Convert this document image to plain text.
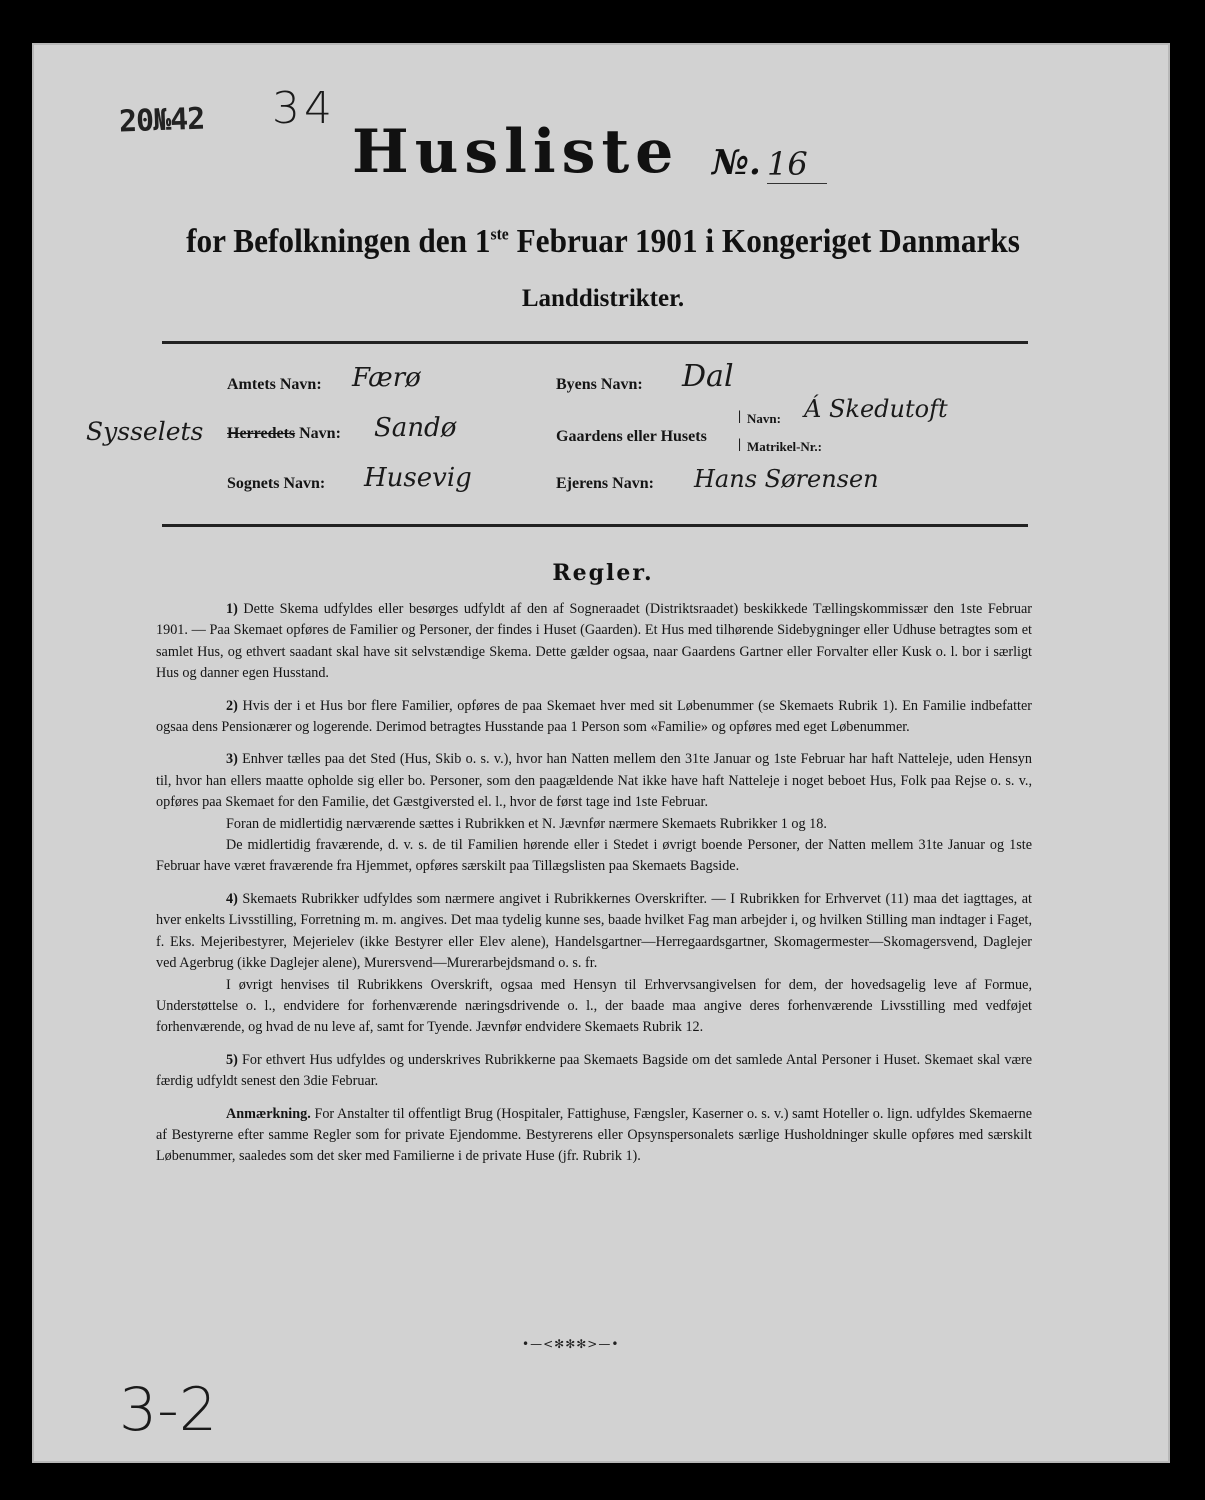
20№42 34
Husliste №. 16
for Befolkningen den 1ste Februar 1901 i Kongeriget Danmarks
Landdistrikter.
Amtets Navn: Færø
Sysselets Herredets Navn: Sandø
Sognets Navn: Husevig
Byens Navn: Dal
Gaardens eller Husets
| Navn: Á Skedutoft
| Matrikel-Nr.:
Ejerens Navn: Hans Sørensen
Regler.

1) Dette Skema udfyldes eller besørges udfyldt af den af Sogneraadet (Distriktsraadet) beskikkede Tællingskommissær den 1ste Februar 1901. — Paa Skemaet opføres de Familier og Personer, der findes i Huset (Gaarden). Et Hus med tilhørende Sidebygninger eller Udhuse betragtes som et samlet Hus, og ethvert saadant skal have sit selvstændige Skema. Dette gælder ogsaa, naar Gaardens Gartner eller Forvalter eller Kusk o. l. bor i særligt Hus og danner egen Husstand.

2) Hvis der i et Hus bor flere Familier, opføres de paa Skemaet hver med sit Løbenummer (se Skemaets Rubrik 1). En Familie indbefatter ogsaa dens Pensionærer og logerende. Derimod betragtes Husstande paa 1 Person som «Familie» og opføres med eget Løbenummer.

3) Enhver tælles paa det Sted (Hus, Skib o. s. v.), hvor han Natten mellem den 31te Januar og 1ste Februar har haft Natteleje, uden Hensyn til, hvor han ellers maatte opholde sig eller bo. Personer, som den paagældende Nat ikke have haft Natteleje i noget beboet Hus, Folk paa Rejse o. s. v., opføres paa Skemaet for den Familie, det Gæstgiversted el. l., hvor de først tage ind 1ste Februar.

Foran de midlertidig nærværende sættes i Rubrikken et N. Jævnfør nærmere Skemaets Rubrikker 1 og 18.

De midlertidig fraværende, d. v. s. de til Familien hørende eller i Stedet i øvrigt boende Personer, der Natten mellem 31te Januar og 1ste Februar have været fraværende fra Hjemmet, opføres særskilt paa Tillægslisten paa Skemaets Bagside.

4) Skemaets Rubrikker udfyldes som nærmere angivet i Rubrikkernes Overskrifter. — I Rubrikken for Erhvervet (11) maa det iagttages, at hver enkelts Livsstilling, Forretning m. m. angives. Det maa tydelig kunne ses, baade hvilket Fag man arbejder i, og hvilken Stilling man indtager i Faget, f. Eks. Mejeribestyrer, Mejerielev (ikke Bestyrer eller Elev alene), Handelsgartner—Herregaardsgartner, Skomagermester—Skomagersvend, Daglejer ved Agerbrug (ikke Daglejer alene), Murersvend—Murerarbejdsmand o. s. fr.

I øvrigt henvises til Rubrikkens Overskrift, ogsaa med Hensyn til Erhvervsangivelsen for dem, der hovedsagelig leve af Formue, Understøttelse o. l., endvidere for forhenværende næringsdrivende o. l., der baade maa angive deres forhenværende Livsstilling med vedføjet forhenværende, og hvad de nu leve af, samt for Tyende. Jævnfør endvidere Skemaets Rubrik 12.

5) For ethvert Hus udfyldes og underskrives Rubrikkerne paa Skemaets Bagside om det samlede Antal Personer i Huset. Skemaet skal være færdig udfyldt senest den 3die Februar.

Anmærkning. For Anstalter til offentligt Brug (Hospitaler, Fattighuse, Fængsler, Kaserner o. s. v.) samt Hoteller o. lign. udfyldes Skemaerne af Bestyrerne efter samme Regler som for private Ejendomme. Bestyrerens eller Opsynspersonalets særlige Husholdninger skulle opføres med særskilt Løbenummer, saaledes som det sker med Familierne i de private Huse (jfr. Rubrik 1).

•—<✻✻✻>—•
3-2
